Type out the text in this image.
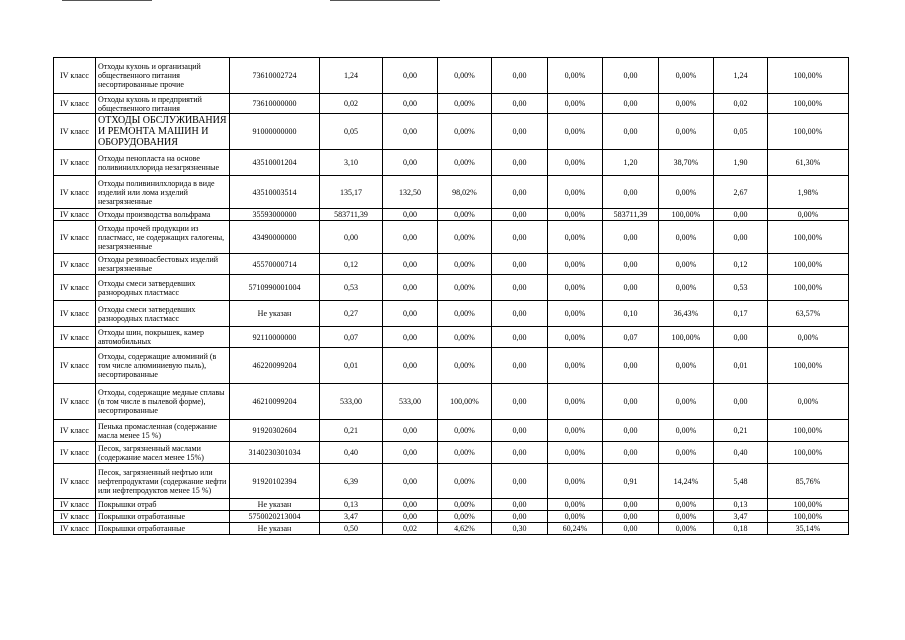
IV класс	Отходы кухонь и организаций общественного питания несортированные прочие	73610002724	1,24	0,00	0,00%	0,00	0,00%	0,00	0,00%	1,24	100,00%
IV класс	Отходы кухонь и предприятий общественного питания	73610000000	0,02	0,00	0,00%	0,00	0,00%	0,00	0,00%	0,02	100,00%
IV класс	ОТХОДЫ ОБСЛУЖИВАНИЯ И РЕМОНТА МАШИН И ОБОРУДОВАНИЯ	91000000000	0,05	0,00	0,00%	0,00	0,00%	0,00	0,00%	0,05	100,00%
IV класс	Отходы пенопласта на основе поливинилхлорида незагрязненные	43510001204	3,10	0,00	0,00%	0,00	0,00%	1,20	38,70%	1,90	61,30%
IV класс	Отходы поливинилхлорида в виде изделий или лома изделий незагрязненные	43510003514	135,17	132,50	98,02%	0,00	0,00%	0,00	0,00%	2,67	1,98%
IV класс	Отходы производства вольфрама	35593000000	583711,39	0,00	0,00%	0,00	0,00%	583711,39	100,00%	0,00	0,00%
IV класс	Отходы прочей продукции из пластмасс, не содержащих галогены, незагрязненные	43490000000	0,00	0,00	0,00%	0,00	0,00%	0,00	0,00%	0,00	100,00%
IV класс	Отходы резиноасбестовых изделий незагрязненные	45570000714	0,12	0,00	0,00%	0,00	0,00%	0,00	0,00%	0,12	100,00%
IV класс	Отходы смеси затвердевших разнородных пластмасс	5710990001004	0,53	0,00	0,00%	0,00	0,00%	0,00	0,00%	0,53	100,00%
IV класс	Отходы смеси затвердевших разнородных пластмасс	Не указан	0,27	0,00	0,00%	0,00	0,00%	0,10	36,43%	0,17	63,57%
IV класс	Отходы шин, покрышек, камер автомобильных	92110000000	0,07	0,00	0,00%	0,00	0,00%	0,07	100,00%	0,00	0,00%
IV класс	Отходы, содержащие алюминий (в том числе алюминиевую пыль), несортированные	46220099204	0,01	0,00	0,00%	0,00	0,00%	0,00	0,00%	0,01	100,00%
IV класс	Отходы, содержащие медные сплавы (в том числе в пылевой форме), несортированные	46210099204	533,00	533,00	100,00%	0,00	0,00%	0,00	0,00%	0,00	0,00%
IV класс	Пенька промасленная (содержание масла менее 15 %)	91920302604	0,21	0,00	0,00%	0,00	0,00%	0,00	0,00%	0,21	100,00%
IV класс	Песок, загрязненный маслами (содержание масел менее 15%)	3140230301034	0,40	0,00	0,00%	0,00	0,00%	0,00	0,00%	0,40	100,00%
IV класс	Песок, загрязненный нефтью или нефтепродуктами (содержание нефти или нефтепродуктов менее 15 %)	91920102394	6,39	0,00	0,00%	0,00	0,00%	0,91	14,24%	5,48	85,76%
IV класс	Покрышки отраб	Не указан	0,13	0,00	0,00%	0,00	0,00%	0,00	0,00%	0,13	100,00%
IV класс	Покрышки отработанные	5750020213004	3,47	0,00	0,00%	0,00	0,00%	0,00	0,00%	3,47	100,00%
IV класс	Покрышки отработанные	Не указан	0,50	0,02	4,62%	0,30	60,24%	0,00	0,00%	0,18	35,14%
